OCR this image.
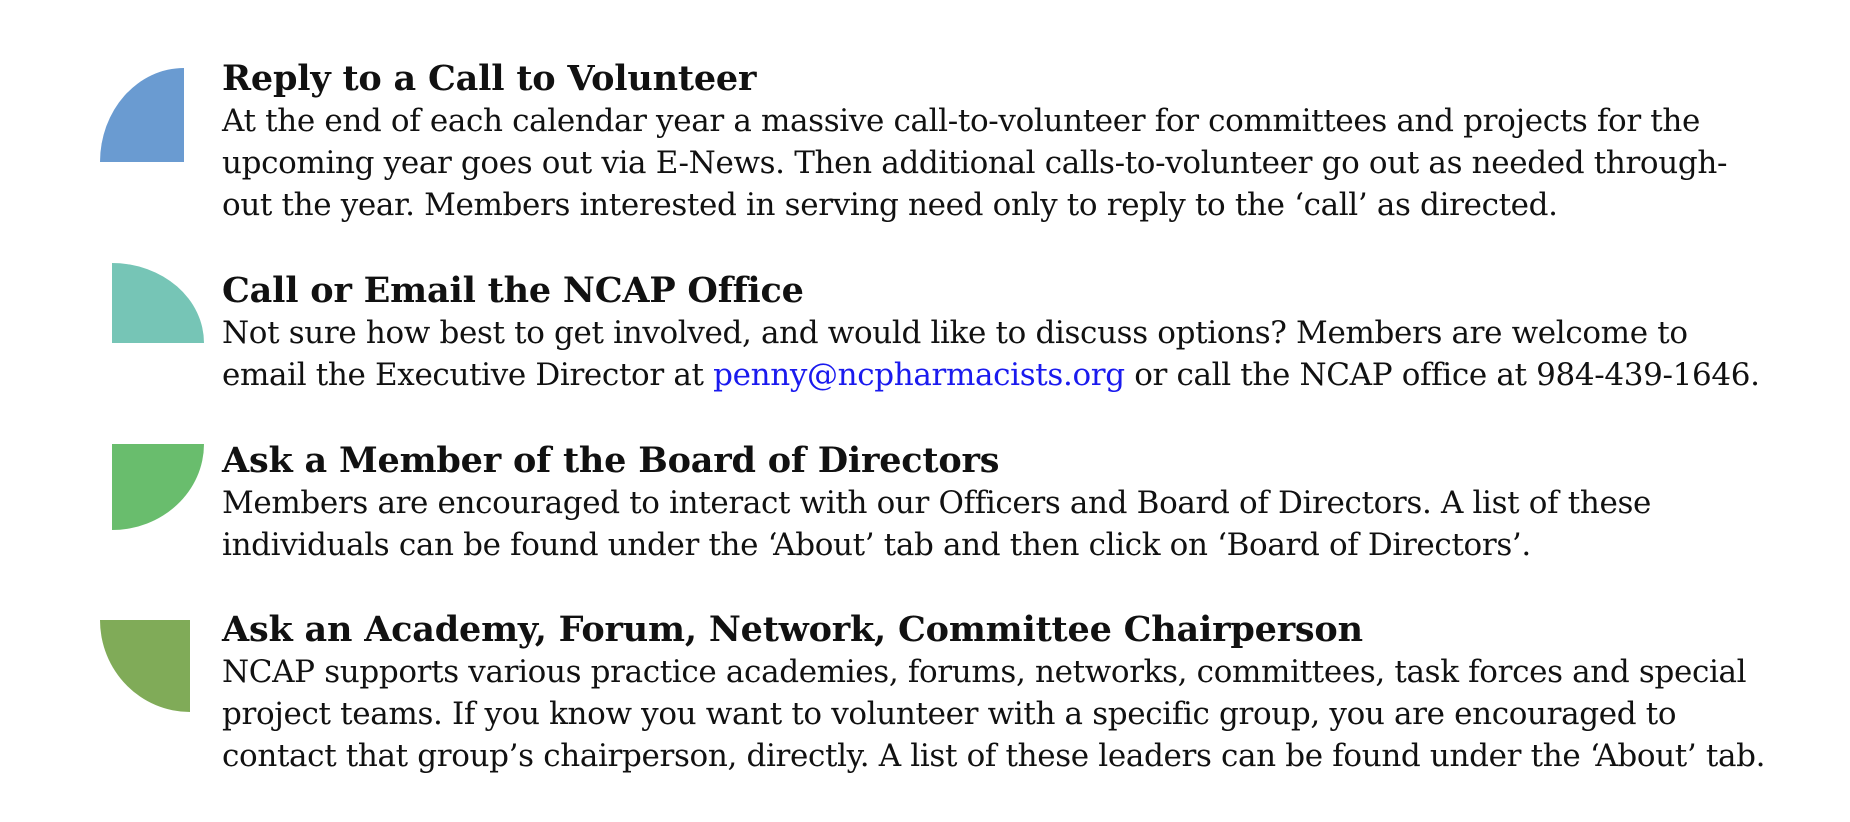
Reply to a Call to Volunteer
At the end of each calendar year a massive call-to-volunteer for committees and projects for the
upcoming year goes out via E-News. Then additional calls-to-volunteer go out as needed through-
out the year. Members interested in serving need only to reply to the ‘call’ as directed.
Call or Email the NCAP Office
Not sure how best to get involved, and would like to discuss options? Members are welcome to
email the Executive Director at penny@ncpharmacists.org or call the NCAP office at 984-439-1646.
Ask a Member of the Board of Directors
Members are encouraged to interact with our Officers and Board of Directors. A list of these
individuals can be found under the ‘About’ tab and then click on ‘Board of Directors’.
Ask an Academy, Forum, Network, Committee Chairperson
NCAP supports various practice academies, forums, networks, committees, task forces and special
project teams. If you know you want to volunteer with a specific group, you are encouraged to
contact that group’s chairperson, directly. A list of these leaders can be found under the ‘About’ tab.
